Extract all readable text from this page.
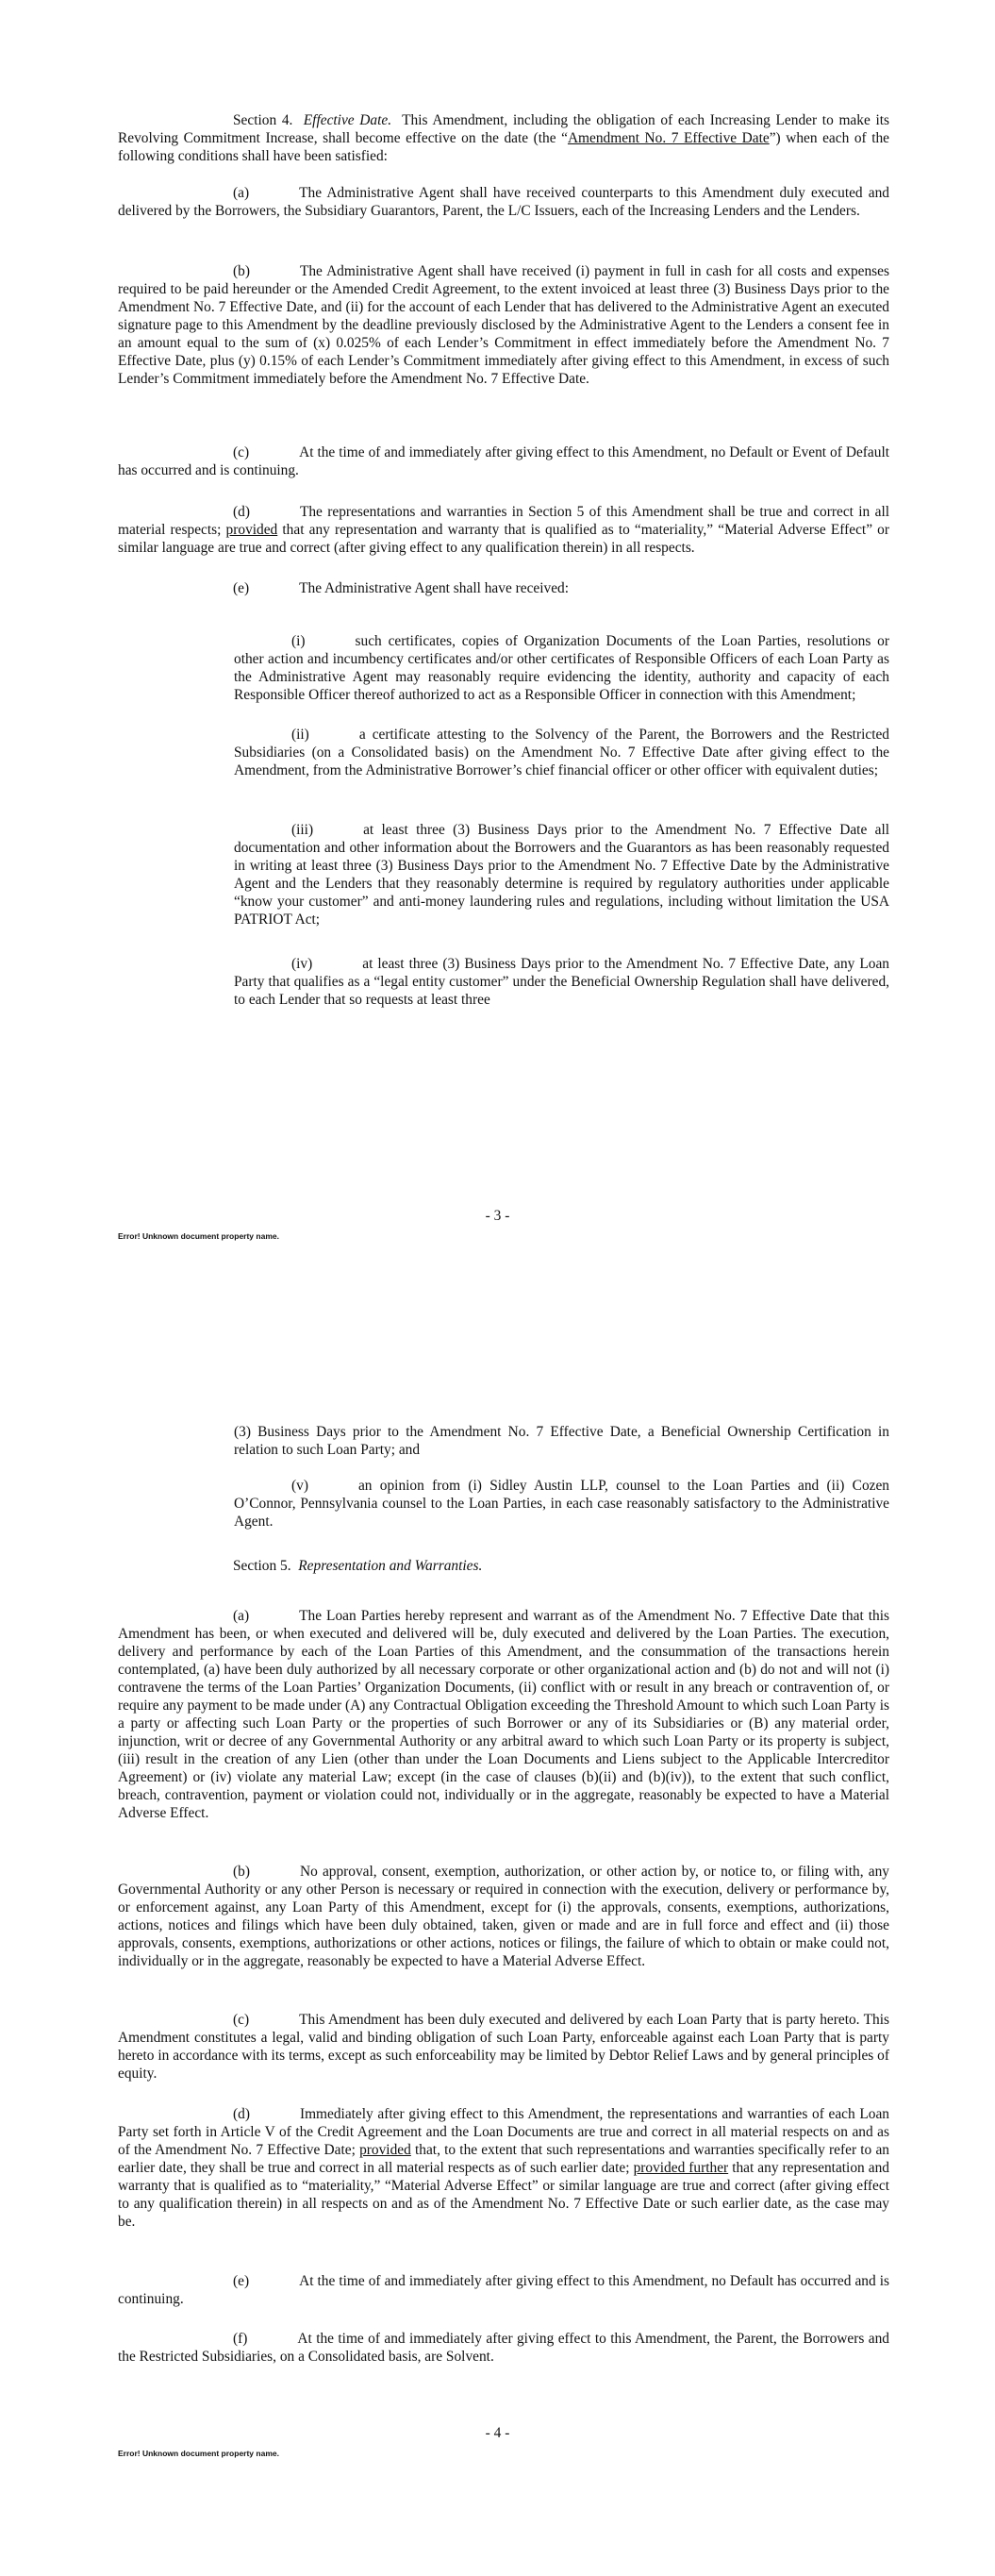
Section 4. Effective Date. This Amendment, including the obligation of each Increasing Lender to make its Revolving Commitment Increase, shall become effective on the date (the “Amendment No. 7 Effective Date”) when each of the following conditions shall have been satisfied:

(a)	The Administrative Agent shall have received counterparts to this Amendment duly executed and delivered by the Borrowers, the Subsidiary Guarantors, Parent, the L/C Issuers, each of the Increasing Lenders and the Lenders.

(b)	The Administrative Agent shall have received (i) payment in full in cash for all costs and expenses required to be paid hereunder or the Amended Credit Agreement, to the extent invoiced at least three (3) Business Days prior to the Amendment No. 7 Effective Date, and (ii) for the account of each Lender that has delivered to the Administrative Agent an executed signature page to this Amendment by the deadline previously disclosed by the Administrative Agent to the Lenders a consent fee in an amount equal to the sum of (x) 0.025% of each Lender’s Commitment in effect immediately before the Amendment No. 7 Effective Date, plus (y) 0.15% of each Lender’s Commitment immediately after giving effect to this Amendment, in excess of such Lender’s Commitment immediately before the Amendment No. 7 Effective Date.

(c)	At the time of and immediately after giving effect to this Amendment, no Default or Event of Default has occurred and is continuing.

(d)	The representations and warranties in Section 5 of this Amendment shall be true and correct in all material respects; provided that any representation and warranty that is qualified as to “materiality,” “Material Adverse Effect” or similar language are true and correct (after giving effect to any qualification therein) in all respects.

(e)	The Administrative Agent shall have received:

(i)	such certificates, copies of Organization Documents of the Loan Parties, resolutions or other action and incumbency certificates and/or other certificates of Responsible Officers of each Loan Party as the Administrative Agent may reasonably require evidencing the identity, authority and capacity of each Responsible Officer thereof authorized to act as a Responsible Officer in connection with this Amendment;

(ii)	a certificate attesting to the Solvency of the Parent, the Borrowers and the Restricted Subsidiaries (on a Consolidated basis) on the Amendment No. 7 Effective Date after giving effect to the Amendment, from the Administrative Borrower’s chief financial officer or other officer with equivalent duties;

(iii)	at least three (3) Business Days prior to the Amendment No. 7 Effective Date all documentation and other information about the Borrowers and the Guarantors as has been reasonably requested in writing at least three (3) Business Days prior to the Amendment No. 7 Effective Date by the Administrative Agent and the Lenders that they reasonably determine is required by regulatory authorities under applicable “know your customer” and anti-money laundering rules and regulations, including without limitation the USA PATRIOT Act;

(iv)	at least three (3) Business Days prior to the Amendment No. 7 Effective Date, any Loan Party that qualifies as a “legal entity customer” under the Beneficial Ownership Regulation shall have delivered, to each Lender that so requests at least three

- 3 -
Error! Unknown document property name.

(3) Business Days prior to the Amendment No. 7 Effective Date, a Beneficial Ownership Certification in relation to such Loan Party; and

(v)	an opinion from (i) Sidley Austin LLP, counsel to the Loan Parties and (ii) Cozen O’Connor, Pennsylvania counsel to the Loan Parties, in each case reasonably satisfactory to the Administrative Agent.

Section 5. Representation and Warranties.

(a)	The Loan Parties hereby represent and warrant as of the Amendment No. 7 Effective Date that this Amendment has been, or when executed and delivered will be, duly executed and delivered by the Loan Parties. The execution, delivery and performance by each of the Loan Parties of this Amendment, and the consummation of the transactions herein contemplated, (a) have been duly authorized by all necessary corporate or other organizational action and (b) do not and will not (i) contravene the terms of the Loan Parties’ Organization Documents, (ii) conflict with or result in any breach or contravention of, or require any payment to be made under (A) any Contractual Obligation exceeding the Threshold Amount to which such Loan Party is a party or affecting such Loan Party or the properties of such Borrower or any of its Subsidiaries or (B) any material order, injunction, writ or decree of any Governmental Authority or any arbitral award to which such Loan Party or its property is subject, (iii) result in the creation of any Lien (other than under the Loan Documents and Liens subject to the Applicable Intercreditor Agreement) or (iv) violate any material Law; except (in the case of clauses (b)(ii) and (b)(iv)), to the extent that such conflict, breach, contravention, payment or violation could not, individually or in the aggregate, reasonably be expected to have a Material Adverse Effect.

(b)	No approval, consent, exemption, authorization, or other action by, or notice to, or filing with, any Governmental Authority or any other Person is necessary or required in connection with the execution, delivery or performance by, or enforcement against, any Loan Party of this Amendment, except for (i) the approvals, consents, exemptions, authorizations, actions, notices and filings which have been duly obtained, taken, given or made and are in full force and effect and (ii) those approvals, consents, exemptions, authorizations or other actions, notices or filings, the failure of which to obtain or make could not, individually or in the aggregate, reasonably be expected to have a Material Adverse Effect.

(c)	This Amendment has been duly executed and delivered by each Loan Party that is party hereto. This Amendment constitutes a legal, valid and binding obligation of such Loan Party, enforceable against each Loan Party that is party hereto in accordance with its terms, except as such enforceability may be limited by Debtor Relief Laws and by general principles of equity.

(d)	Immediately after giving effect to this Amendment, the representations and warranties of each Loan Party set forth in Article V of the Credit Agreement and the Loan Documents are true and correct in all material respects on and as of the Amendment No. 7 Effective Date; provided that, to the extent that such representations and warranties specifically refer to an earlier date, they shall be true and correct in all material respects as of such earlier date; provided further that any representation and warranty that is qualified as to “materiality,” “Material Adverse Effect” or similar language are true and correct (after giving effect to any qualification therein) in all respects on and as of the Amendment No. 7 Effective Date or such earlier date, as the case may be.

(e)	At the time of and immediately after giving effect to this Amendment, no Default has occurred and is continuing.

(f)	At the time of and immediately after giving effect to this Amendment, the Parent, the Borrowers and the Restricted Subsidiaries, on a Consolidated basis, are Solvent.

- 4 -
Error! Unknown document property name.
